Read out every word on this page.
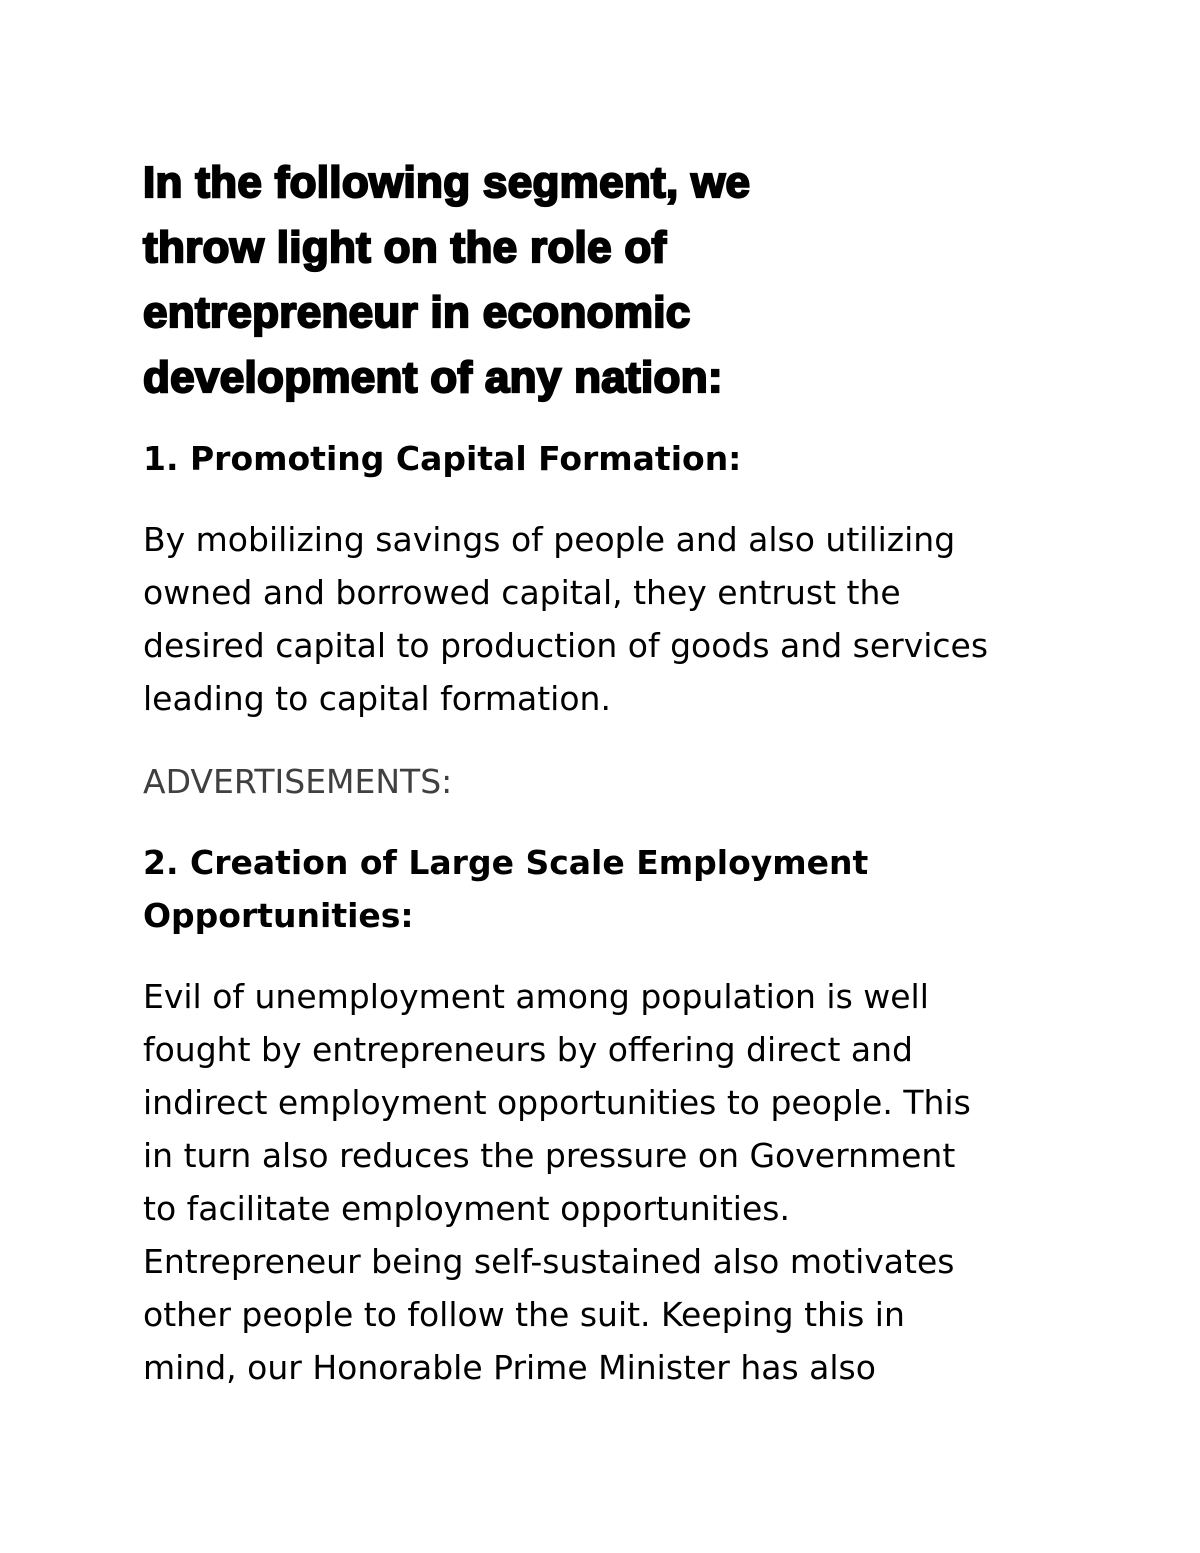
In the following segment, we
throw light on the role of
entrepreneur in economic
development of any nation:
1. Promoting Capital Formation:

By mobilizing savings of people and also utilizing
owned and borrowed capital, they entrust the
desired capital to production of goods and services
leading to capital formation.

ADVERTISEMENTS:

2. Creation of Large Scale Employment
Opportunities:

Evil of unemployment among population is well
fought by entrepreneurs by offering direct and
indirect employment opportunities to people. This
in turn also reduces the pressure on Government
to facilitate employment opportunities.
Entrepreneur being self-sustained also motivates
other people to follow the suit. Keeping this in
mind, our Honorable Prime Minister has also
